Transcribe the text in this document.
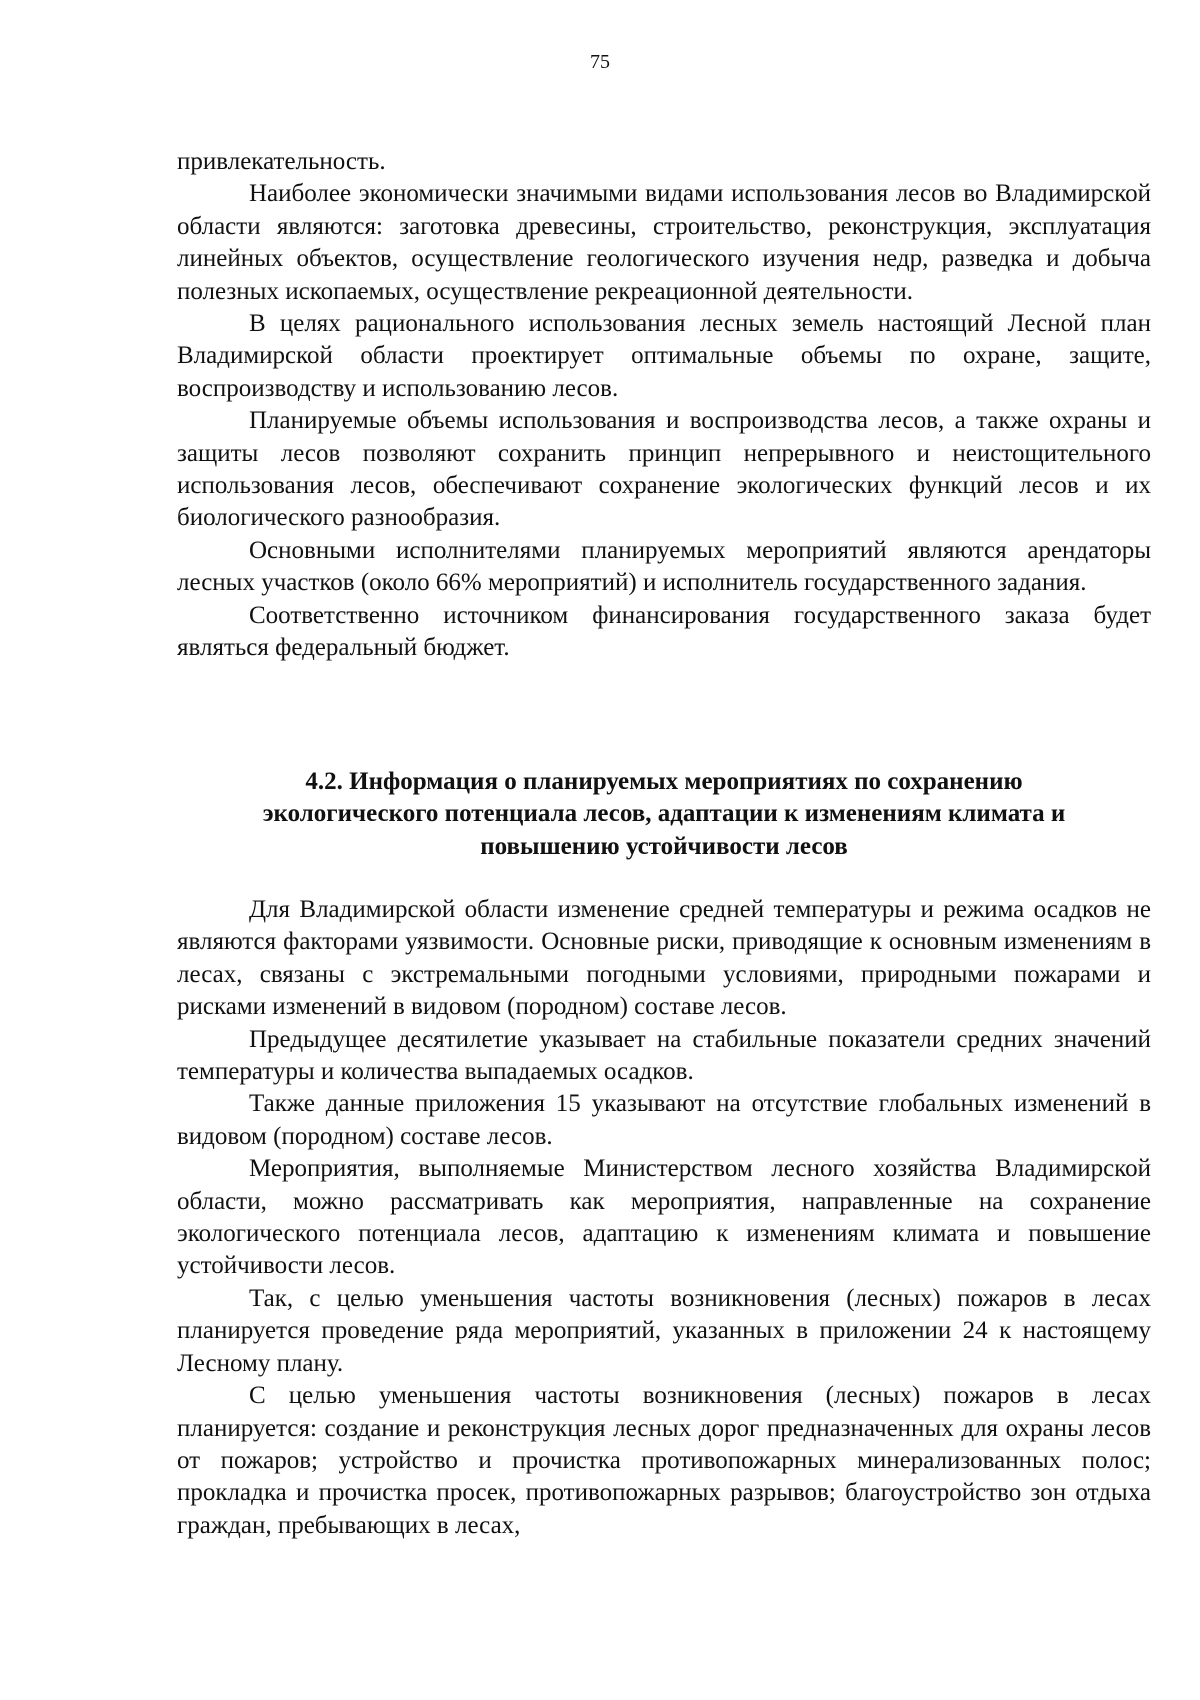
75

привлекательность.

Наиболее экономически значимыми видами использования лесов во Владимирской области являются: заготовка древесины, строительство, реконструкция, эксплуатация линейных объектов, осуществление геологического изучения недр, разведка и добыча полезных ископаемых, осуществление рекреационной деятельности.

В целях рационального использования лесных земель настоящий Лесной план Владимирской области проектирует оптимальные объемы по охране, защите, воспроизводству и использованию лесов.

Планируемые объемы использования и воспроизводства лесов, а также охраны и защиты лесов позволяют сохранить принцип непрерывного и неистощительного использования лесов, обеспечивают сохранение экологических функций лесов и их биологического разнообразия.

Основными исполнителями планируемых мероприятий являются арендаторы лесных участков (около 66% мероприятий) и исполнитель государственного задания.

Соответственно источником финансирования государственного заказа будет являться федеральный бюджет.

4.2. Информация о планируемых мероприятиях по сохранению
экологического потенциала лесов, адаптации к изменениям климата и
повышению устойчивости лесов

Для Владимирской области изменение средней температуры и режима осадков не являются факторами уязвимости. Основные риски, приводящие к основным изменениям в лесах, связаны с экстремальными погодными условиями, природными пожарами и рисками изменений в видовом (породном) составе лесов.

Предыдущее десятилетие указывает на стабильные показатели средних значений температуры и количества выпадаемых осадков.

Также данные приложения 15 указывают на отсутствие глобальных изменений в видовом (породном) составе лесов.

Мероприятия, выполняемые Министерством лесного хозяйства Владимирской области, можно рассматривать как мероприятия, направленные на сохранение экологического потенциала лесов, адаптацию к изменениям климата и повышение устойчивости лесов.

Так, с целью уменьшения частоты возникновения (лесных) пожаров в лесах планируется проведение ряда мероприятий, указанных в приложении 24 к настоящему Лесному плану.

С целью уменьшения частоты возникновения (лесных) пожаров в лесах планируется: создание и реконструкция лесных дорог предназначенных для охраны лесов от пожаров; устройство и прочистка противопожарных минерализованных полос; прокладка и прочистка просек, противопожарных разрывов; благоустройство зон отдыха граждан, пребывающих в лесах,
